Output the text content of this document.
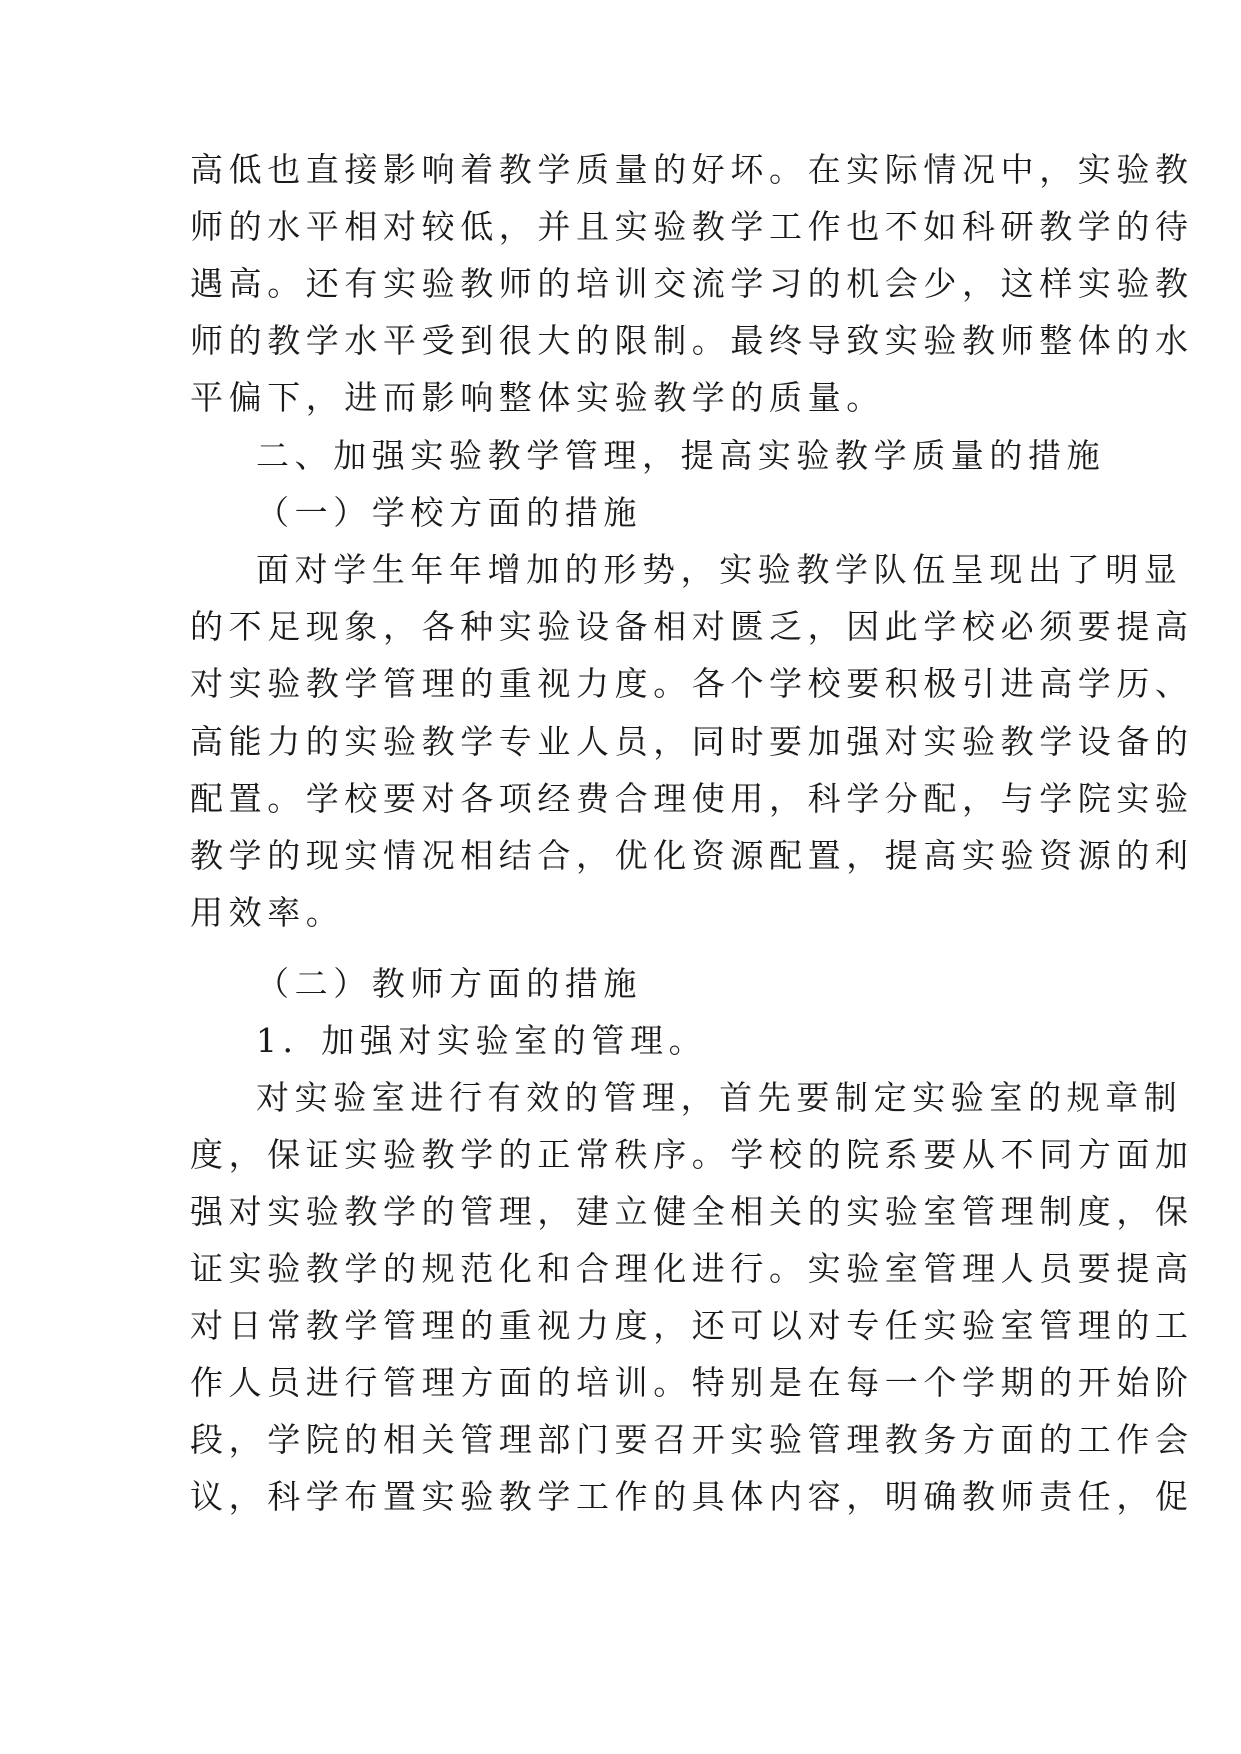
高低也直接影响着教学质量的好坏。在实际情况中，实验教
师的水平相对较低，并且实验教学工作也不如科研教学的待
遇高。还有实验教师的培训交流学习的机会少，这样实验教
师的教学水平受到很大的限制。最终导致实验教师整体的水
平偏下，进而影响整体实验教学的质量。
二、加强实验教学管理，提高实验教学质量的措施
（一）学校方面的措施
面对学生年年增加的形势，实验教学队伍呈现出了明显
的不足现象，各种实验设备相对匮乏，因此学校必须要提高
对实验教学管理的重视力度。各个学校要积极引进高学历、
高能力的实验教学专业人员，同时要加强对实验教学设备的
配置。学校要对各项经费合理使用，科学分配，与学院实验
教学的现实情况相结合，优化资源配置，提高实验资源的利
用效率。
（二）教师方面的措施
1．加强对实验室的管理。
对实验室进行有效的管理，首先要制定实验室的规章制
度，保证实验教学的正常秩序。学校的院系要从不同方面加
强对实验教学的管理，建立健全相关的实验室管理制度，保
证实验教学的规范化和合理化进行。实验室管理人员要提高
对日常教学管理的重视力度，还可以对专任实验室管理的工
作人员进行管理方面的培训。特别是在每一个学期的开始阶
段，学院的相关管理部门要召开实验管理教务方面的工作会
议，科学布置实验教学工作的具体内容，明确教师责任，促
